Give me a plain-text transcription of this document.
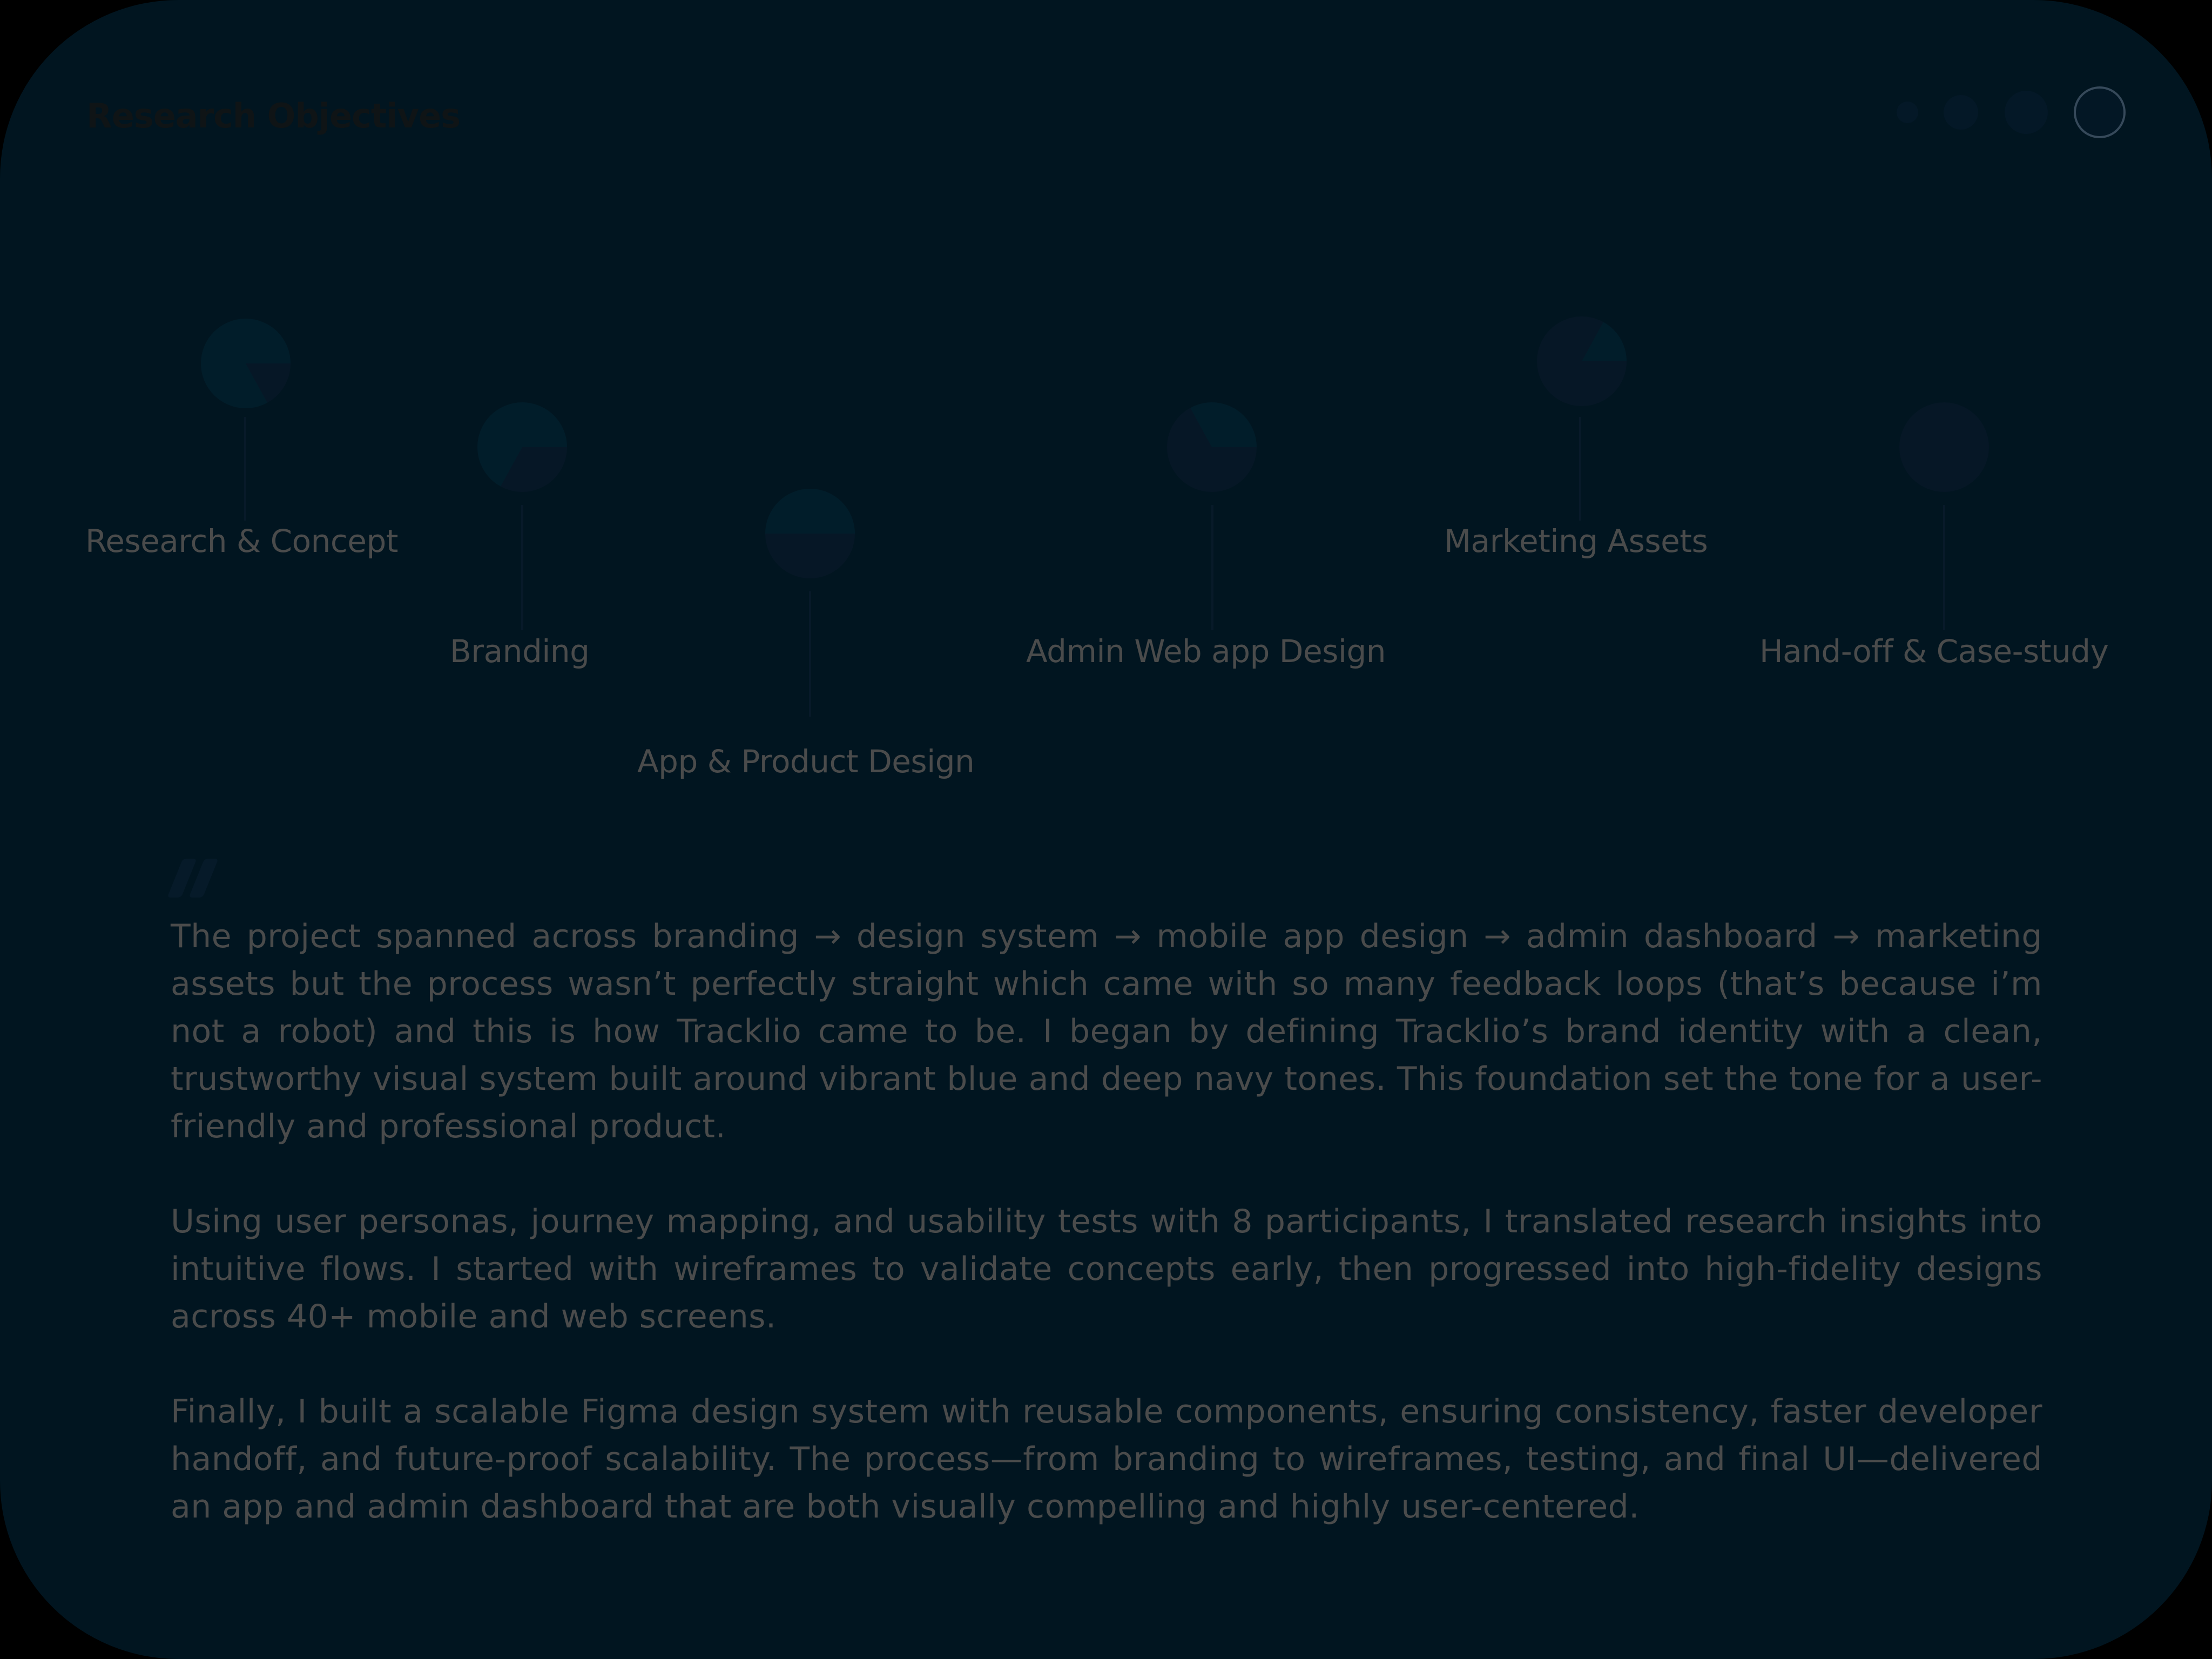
Research Objectives
Research & Concept
Branding
App & Product Design
Admin Web app Design
Marketing Assets
Hand-off & Case-study

The project spanned across branding → design system → mobile app design → admin dashboard → marketing assets but the process wasn’t perfectly straight which came with so many feedback loops (that’s because i’m not a robot) and this is how Tracklio came to be. I began by defining Tracklio’s brand identity with a clean, trustworthy visual system built around vibrant blue and deep navy tones. This foundation set the tone for a user-friendly and professional product.

Using user personas, journey mapping, and usability tests with 8 participants, I translated research insights into intuitive flows. I started with wireframes to validate concepts early, then progressed into high-fidelity designs across 40+ mobile and web screens.

Finally, I built a scalable Figma design system with reusable components, ensuring consistency, faster developer handoff, and future-proof scalability. The process—from branding to wireframes, testing, and final UI—delivered an app and admin dashboard that are both visually compelling and highly user-centered.
